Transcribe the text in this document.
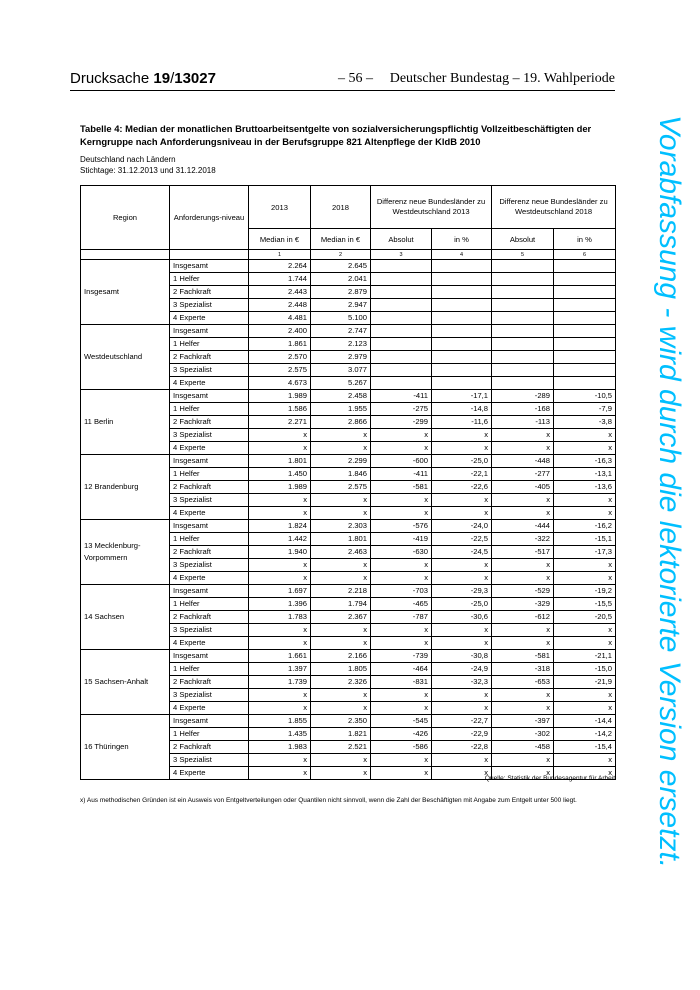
Drucksache 19/13027	– 56 – Deutscher Bundestag – 19. Wahlperiode
Tabelle 4: Median der monatlichen Bruttoarbeitsentgelte von sozialversicherungspflichtig Vollzeitbeschäftigten der Kerngruppe nach Anforderungsniveau in der Berufsgruppe 821 Altenpflege der KldB 2010
Deutschland nach Ländern
Stichtage: 31.12.2013 und 31.12.2018
Region	Anforderungs-niveau	2013	2018	Differenz neue Bundesländer zu Westdeutschland 2013		Differenz neue Bundesländer zu Westdeutschland 2018	
		Median in €	Median in €	Absolut	in %	Absolut	in %
		1	2	3	4	5	6
Insgesamt	Insgesamt	2.264	2.645				
	1 Helfer	1.744	2.041				
	2 Fachkraft	2.443	2.879				
	3 Spezialist	2.448	2.947				
	4 Experte	4.481	5.100				
Westdeutschland	Insgesamt	2.400	2.747				
	1 Helfer	1.861	2.123				
	2 Fachkraft	2.570	2.979				
	3 Spezialist	2.575	3.077				
	4 Experte	4.673	5.267				
11 Berlin	Insgesamt	1.989	2.458	-411	-17,1	-289	-10,5
	1 Helfer	1.586	1.955	-275	-14,8	-168	-7,9
	2 Fachkraft	2.271	2.866	-299	-11,6	-113	-3,8
	3 Spezialist	x	x	x	x	x	x
	4 Experte	x	x	x	x	x	x
12 Brandenburg	Insgesamt	1.801	2.299	-600	-25,0	-448	-16,3
	1 Helfer	1.450	1.846	-411	-22,1	-277	-13,1
	2 Fachkraft	1.989	2.575	-581	-22,6	-405	-13,6
	3 Spezialist	x	x	x	x	x	x
	4 Experte	x	x	x	x	x	x
13 Mecklenburg-Vorpommern	Insgesamt	1.824	2.303	-576	-24,0	-444	-16,2
	1 Helfer	1.442	1.801	-419	-22,5	-322	-15,1
	2 Fachkraft	1.940	2.463	-630	-24,5	-517	-17,3
	3 Spezialist	x	x	x	x	x	x
	4 Experte	x	x	x	x	x	x
14 Sachsen	Insgesamt	1.697	2.218	-703	-29,3	-529	-19,2
	1 Helfer	1.396	1.794	-465	-25,0	-329	-15,5
	2 Fachkraft	1.783	2.367	-787	-30,6	-612	-20,5
	3 Spezialist	x	x	x	x	x	x
	4 Experte	x	x	x	x	x	x
15 Sachsen-Anhalt	Insgesamt	1.661	2.166	-739	-30,8	-581	-21,1
	1 Helfer	1.397	1.805	-464	-24,9	-318	-15,0
	2 Fachkraft	1.739	2.326	-831	-32,3	-653	-21,9
	3 Spezialist	x	x	x	x	x	x
	4 Experte	x	x	x	x	x	x
16 Thüringen	Insgesamt	1.855	2.350	-545	-22,7	-397	-14,4
	1 Helfer	1.435	1.821	-426	-22,9	-302	-14,2
	2 Fachkraft	1.983	2.521	-586	-22,8	-458	-15,4
	3 Spezialist	x	x	x	x	x	x
	4 Experte	x	x	x	x	x	x
Quelle: Statistik der Bundesagentur für Arbeit
x) Aus methodischen Gründen ist ein Ausweis von Entgeltverteilungen oder Quantilen nicht sinnvoll, wenn die Zahl der Beschäftigten mit Angabe zum Entgelt unter 500 liegt.	Vorabfassung - wird durch die lektorierte Version ersetzt.
